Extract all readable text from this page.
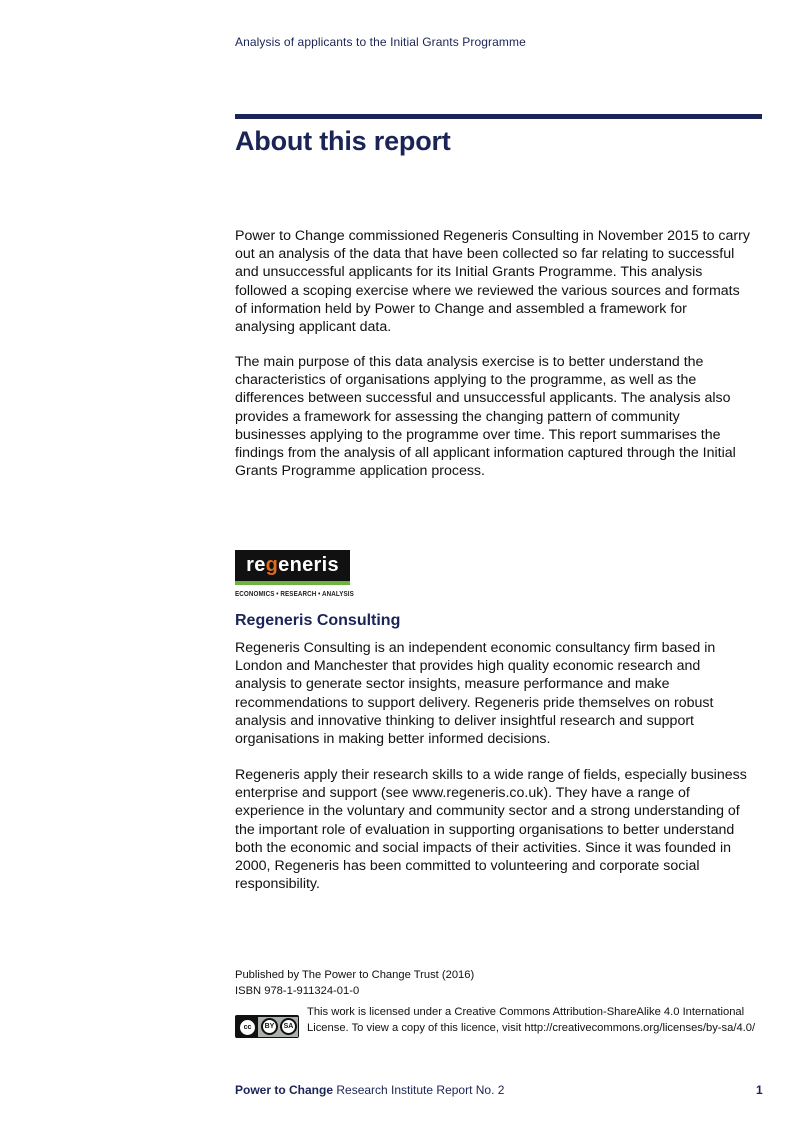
Analysis of applicants to the Initial Grants Programme
About this report

Power to Change commissioned Regeneris Consulting in November 2015 to carry out an analysis of the data that have been collected so far relating to successful and unsuccessful applicants for its Initial Grants Programme. This analysis followed a scoping exercise where we reviewed the various sources and formats of information held by Power to Change and assembled a framework for analysing applicant data.

The main purpose of this data analysis exercise is to better understand the characteristics of organisations applying to the programme, as well as the differences between successful and unsuccessful applicants. The analysis also provides a framework for assessing the changing pattern of community businesses applying to the programme over time. This report summarises the findings from the analysis of all applicant information captured through the Initial Grants Programme application process.

regeneris
ECONOMICS • RESEARCH • ANALYSIS
Regeneris Consulting

Regeneris Consulting is an independent economic consultancy firm based in London and Manchester that provides high quality economic research and analysis to generate sector insights, measure performance and make recommendations to support delivery. Regeneris pride themselves on robust analysis and innovative thinking to deliver insightful research and support organisations in making better informed decisions.

Regeneris apply their research skills to a wide range of fields, especially business enterprise and support (see www.regeneris.co.uk). They have a range of experience in the voluntary and community sector and a strong understanding of the important role of evaluation in supporting organisations to better understand both the economic and social impacts of their activities. Since it was founded in 2000, Regeneris has been committed to volunteering and corporate social responsibility.

Published by The Power to Change Trust (2016)
ISBN 978-1-911324-01-0
cc	BY	SA

This work is licensed under a Creative Commons Attribution-ShareAlike 4.0 International License. To view a copy of this licence, visit http://creativecommons.org/licenses/by-sa/4.0/

Power to Change Research Institute Report No. 2	1
